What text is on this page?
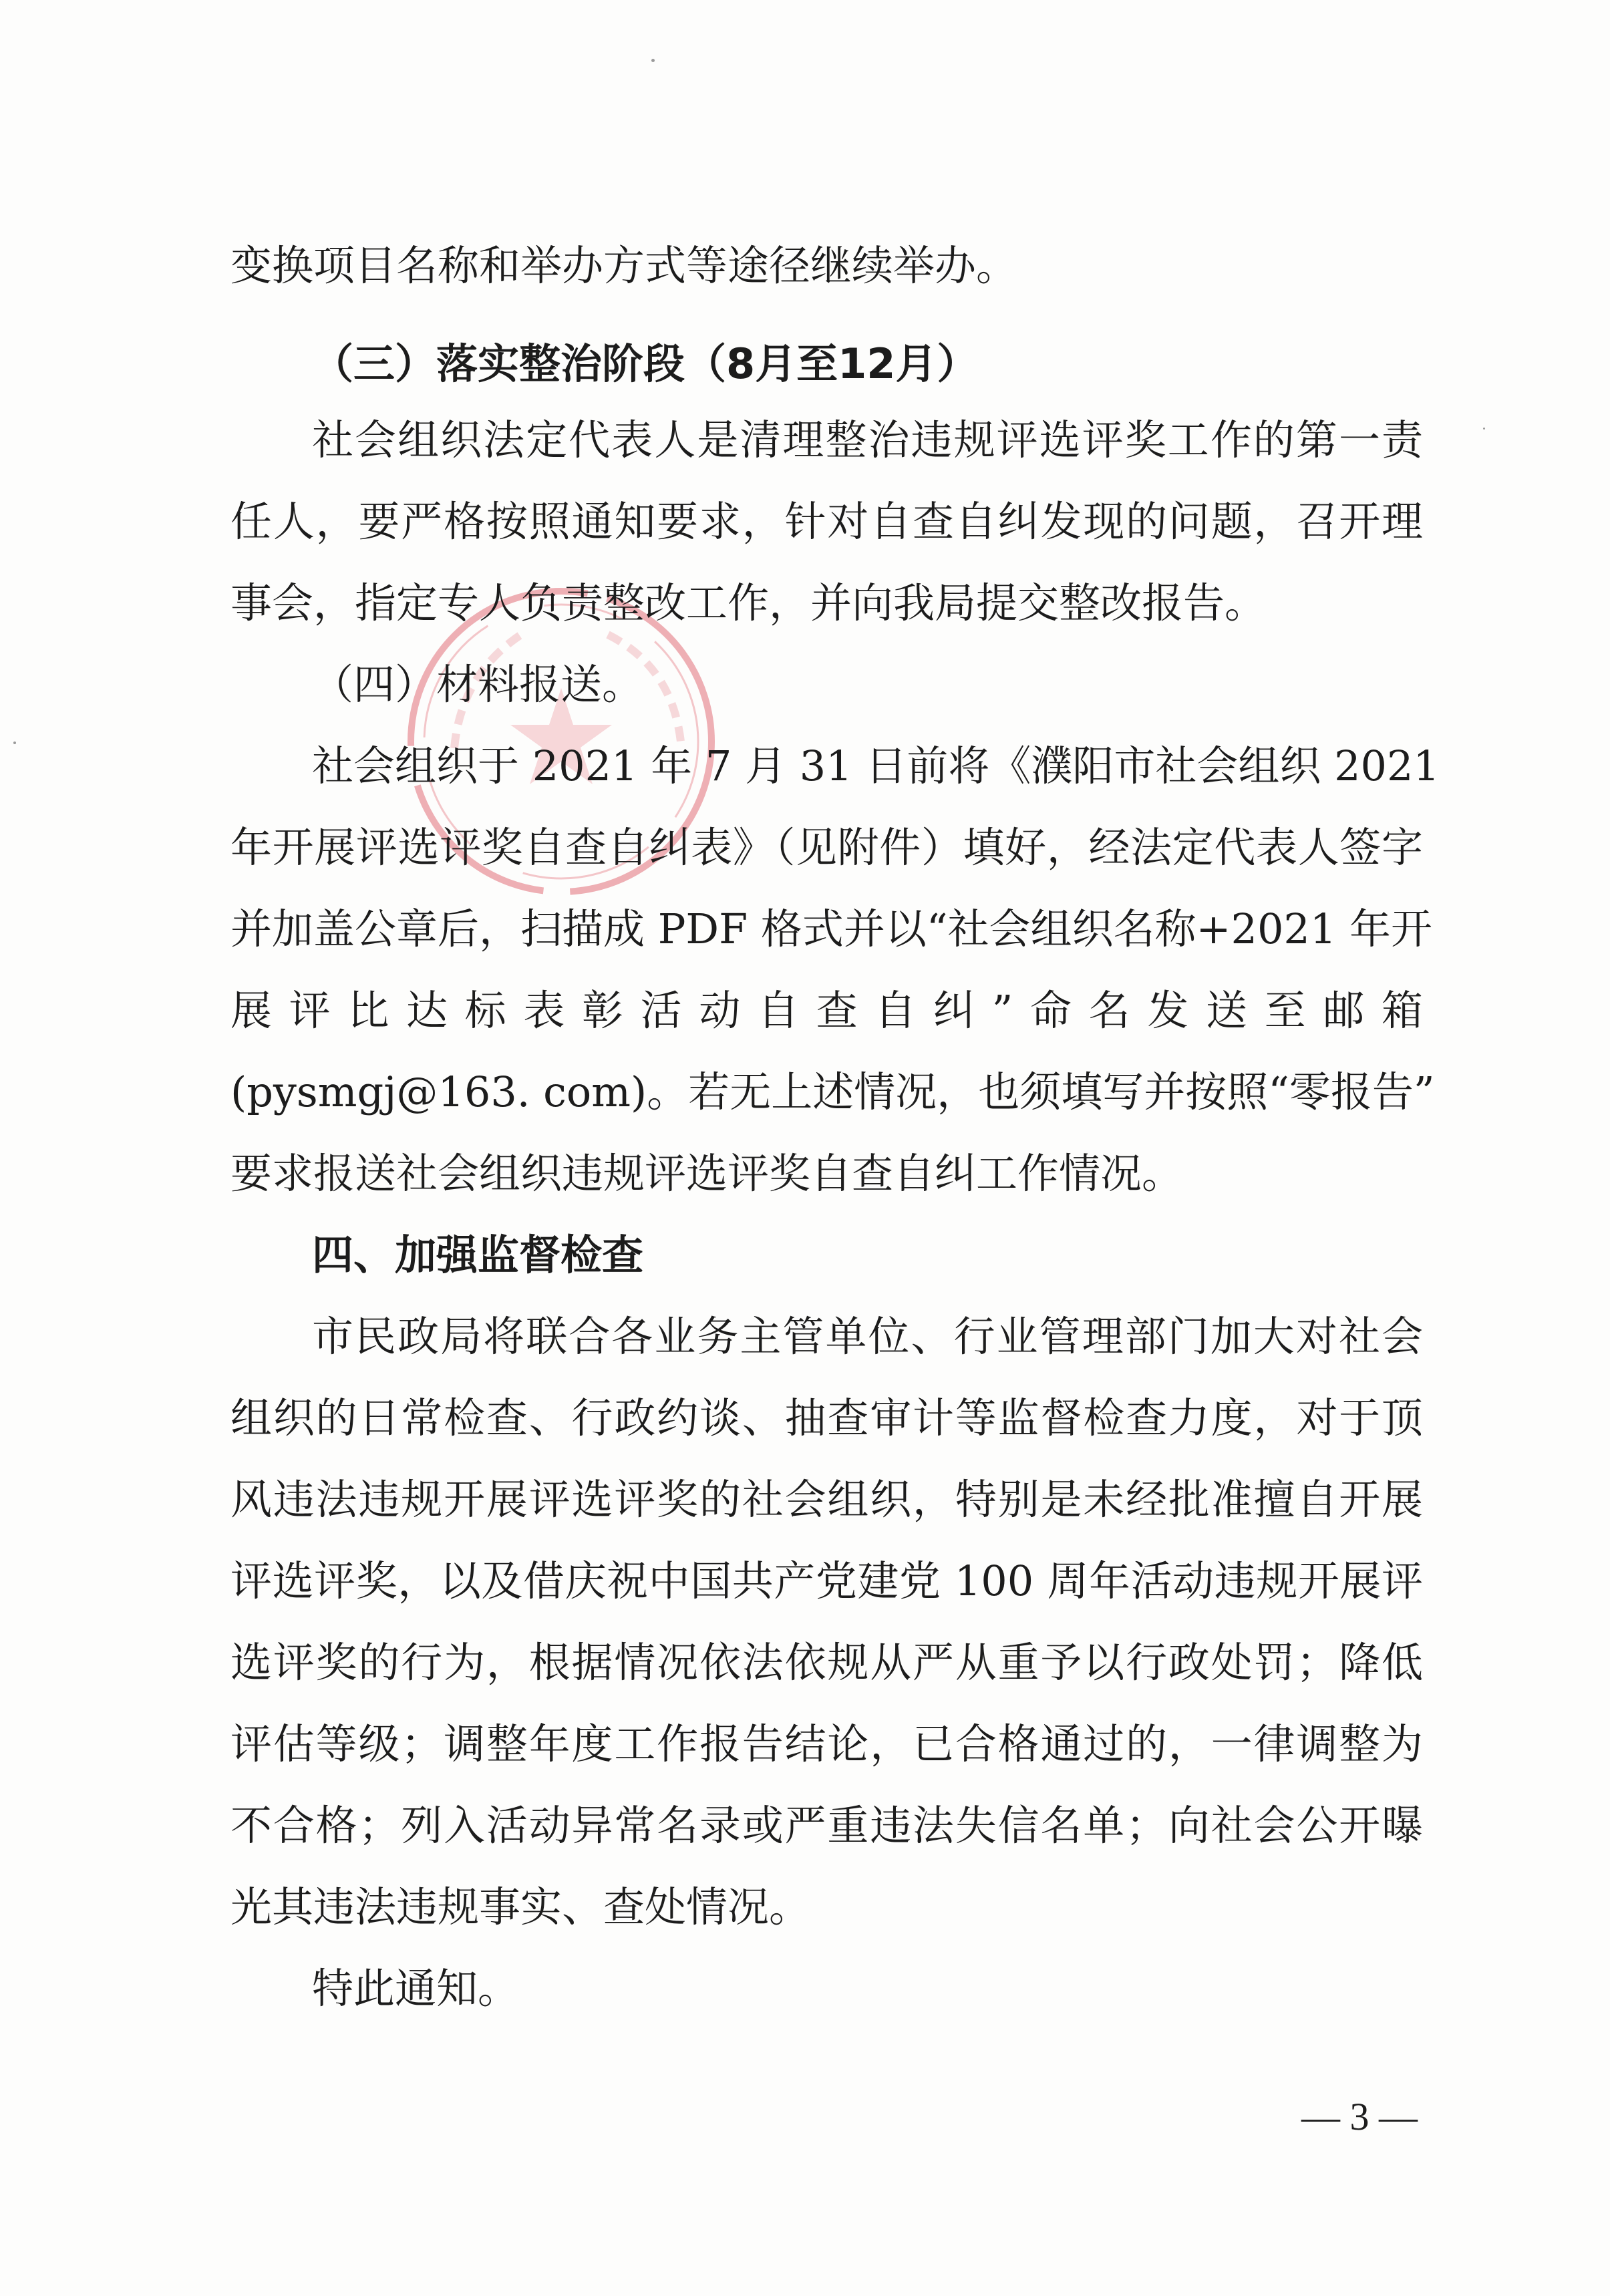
变换项目名称和举办方式等途径继续举办。
（三）落实整治阶段（8月至12月）
社会组织法定代表人是清理整治违规评选评奖工作的第一责
任人，要严格按照通知要求，针对自查自纠发现的问题，召开理
事会，指定专人负责整改工作，并向我局提交整改报告。
（四）材料报送。
社会组织于 2021 年 7 月 31 日前将《濮阳市社会组织 2021
年开展评选评奖自查自纠表》（见附件）填好，经法定代表人签字
并加盖公章后，扫描成 PDF 格式并以“社会组织名称+2021 年开
展评比达标表彰活动自查自纠”命名发送至邮箱
(pysmgj@163. com)。若无上述情况，也须填写并按照“零报告”
要求报送社会组织违规评选评奖自查自纠工作情况。
四、加强监督检查
市民政局将联合各业务主管单位、行业管理部门加大对社会
组织的日常检查、行政约谈、抽查审计等监督检查力度，对于顶
风违法违规开展评选评奖的社会组织，特别是未经批准擅自开展
评选评奖，以及借庆祝中国共产党建党 100 周年活动违规开展评
选评奖的行为，根据情况依法依规从严从重予以行政处罚；降低
评估等级；调整年度工作报告结论，已合格通过的，一律调整为
不合格；列入活动异常名录或严重违法失信名单；向社会公开曝
光其违法违规事实、查处情况。
特此通知。
— 3 —
